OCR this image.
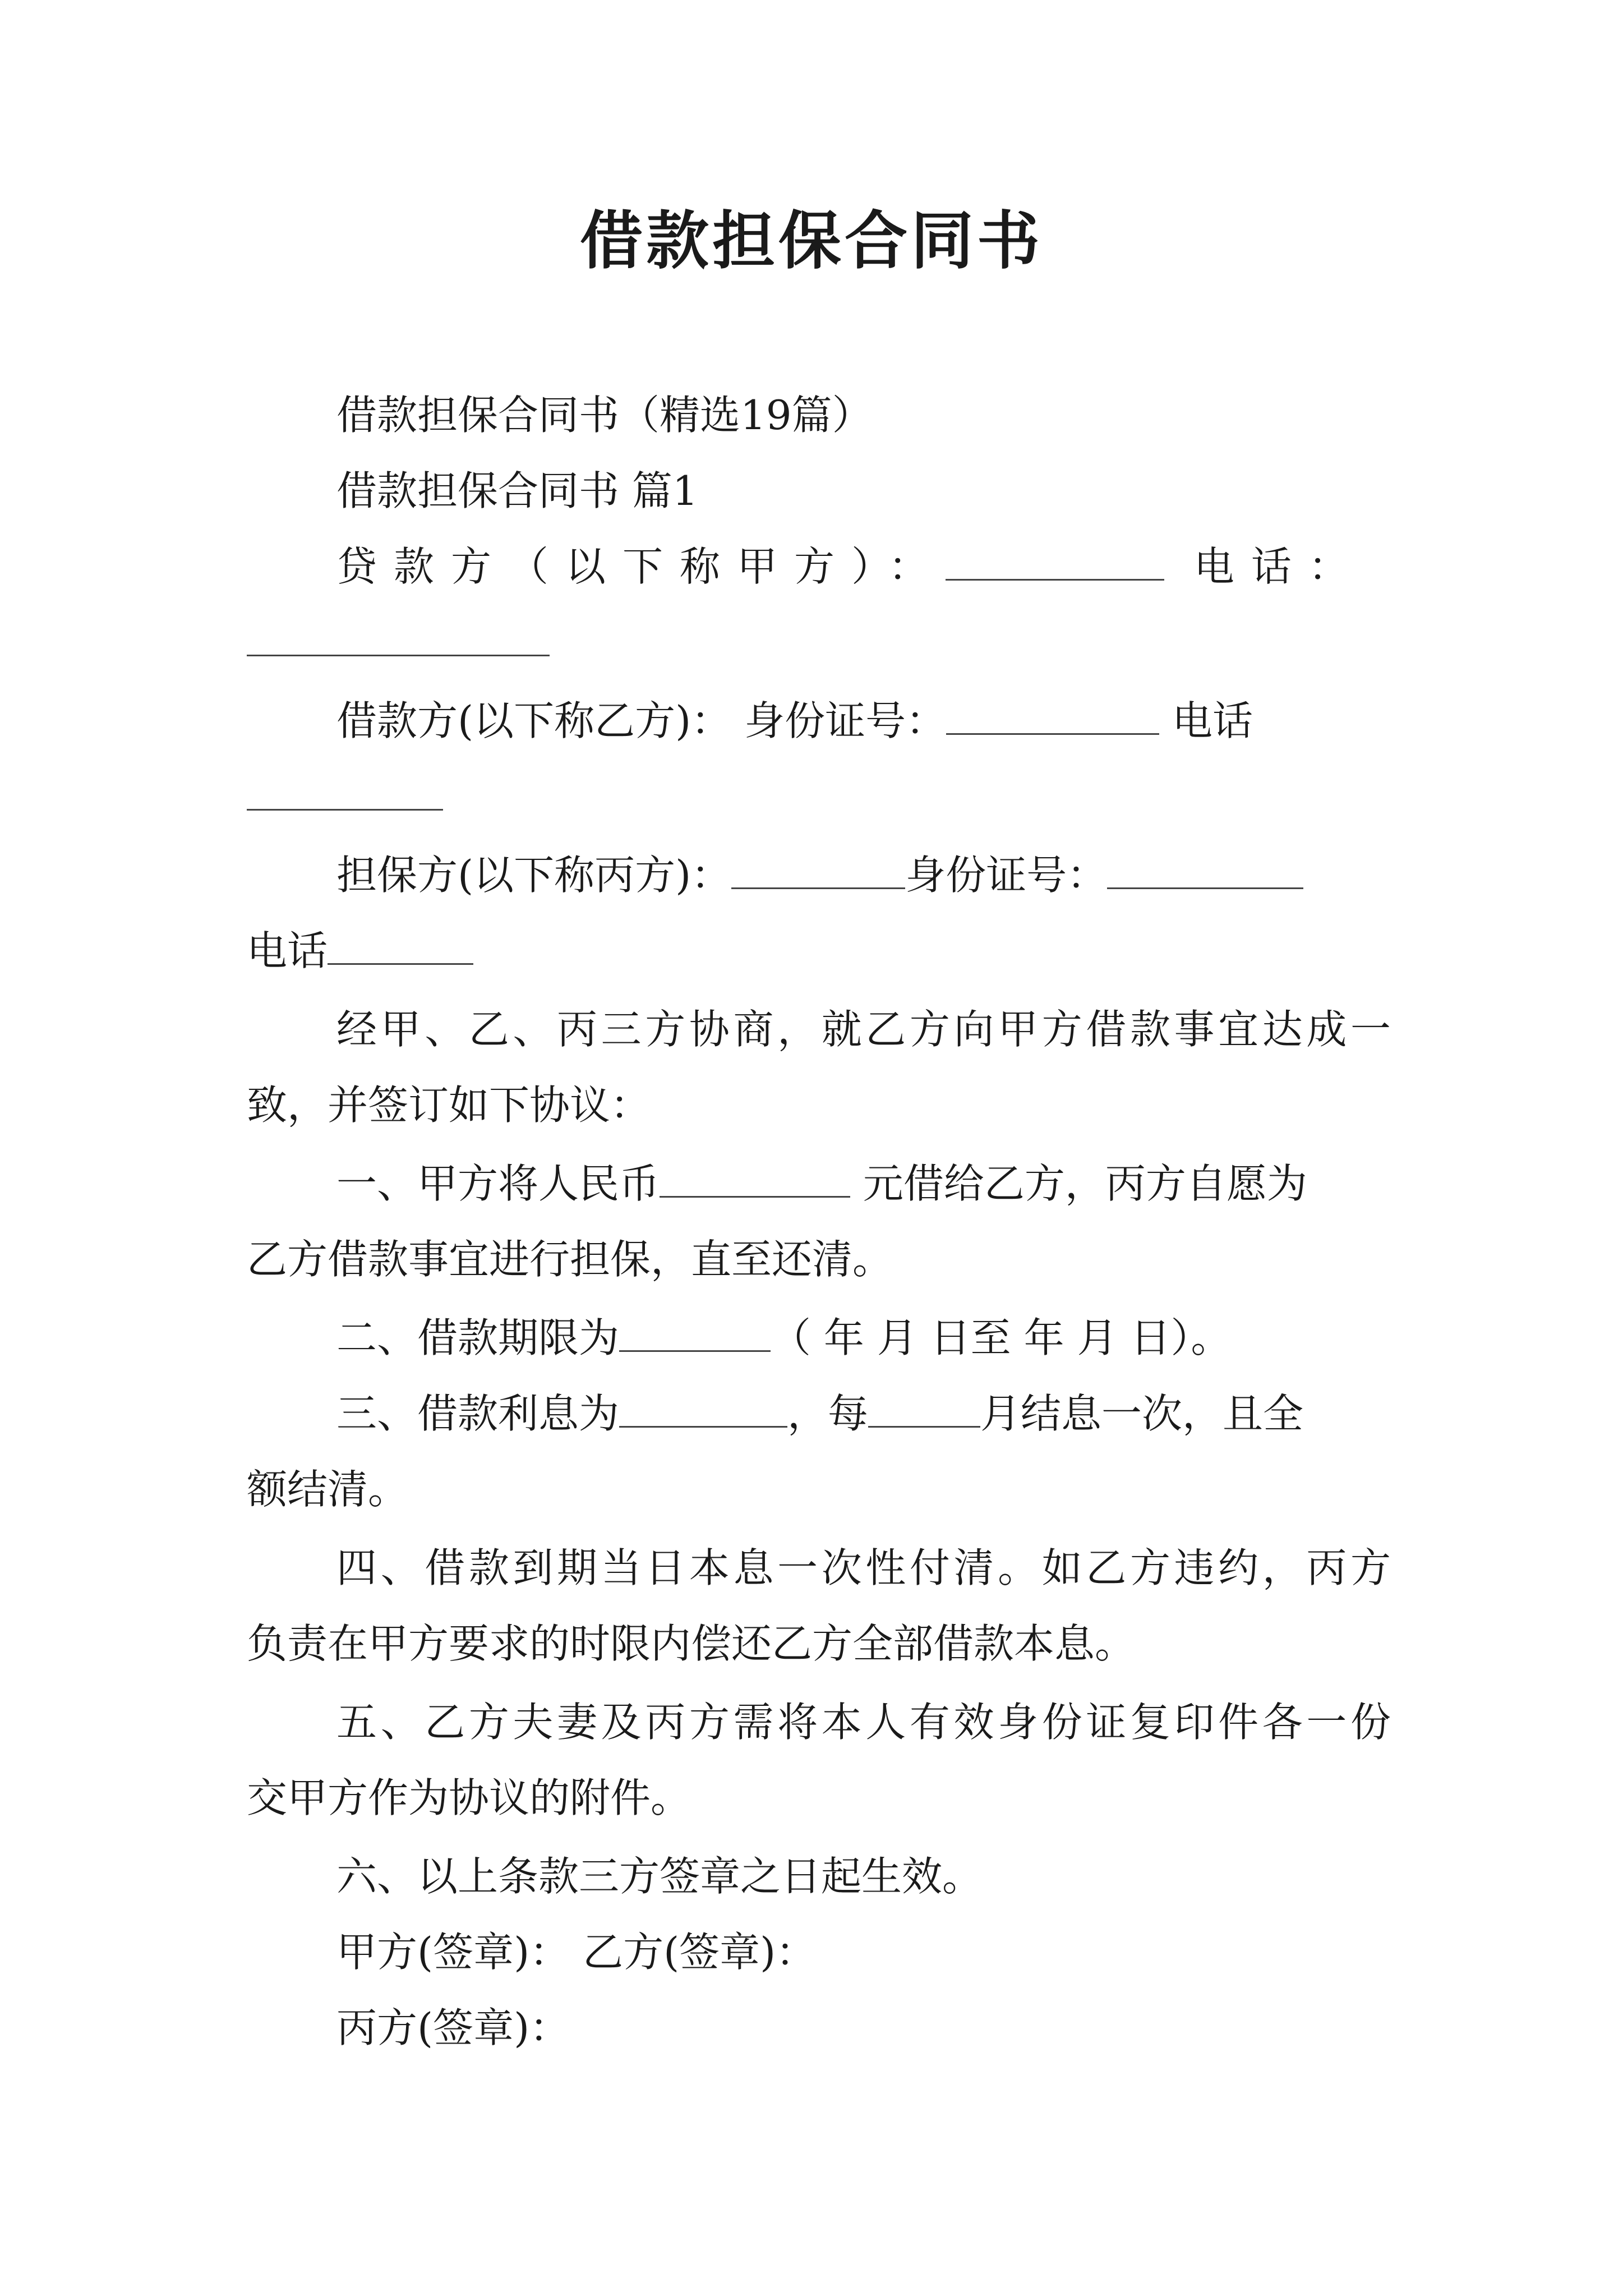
借款担保合同书

借款担保合同书（精选19篇）

借款担保合同书 篇1

贷款方（以下称甲方）：	电话：

借款方(以下称乙方)： 身份证号：	电话

担保方(以下称丙方)：	身份证号：

电话

经甲、乙、丙三方协商，就乙方向甲方借款事宜达成一

致，并签订如下协议：

一、甲方将人民币	元借给乙方，丙方自愿为

乙方借款事宜进行担保，直至还清。

二、借款期限为	（ 年 月 日至 年 月 日）。

三、借款利息为	，每	月结息一次，且全

额结清。

四、借款到期当日本息一次性付清。如乙方违约，丙方

负责在甲方要求的时限内偿还乙方全部借款本息。

五、乙方夫妻及丙方需将本人有效身份证复印件各一份

交甲方作为协议的附件。

六、以上条款三方签章之日起生效。

甲方(签章)： 乙方(签章)：

丙方(签章)：
